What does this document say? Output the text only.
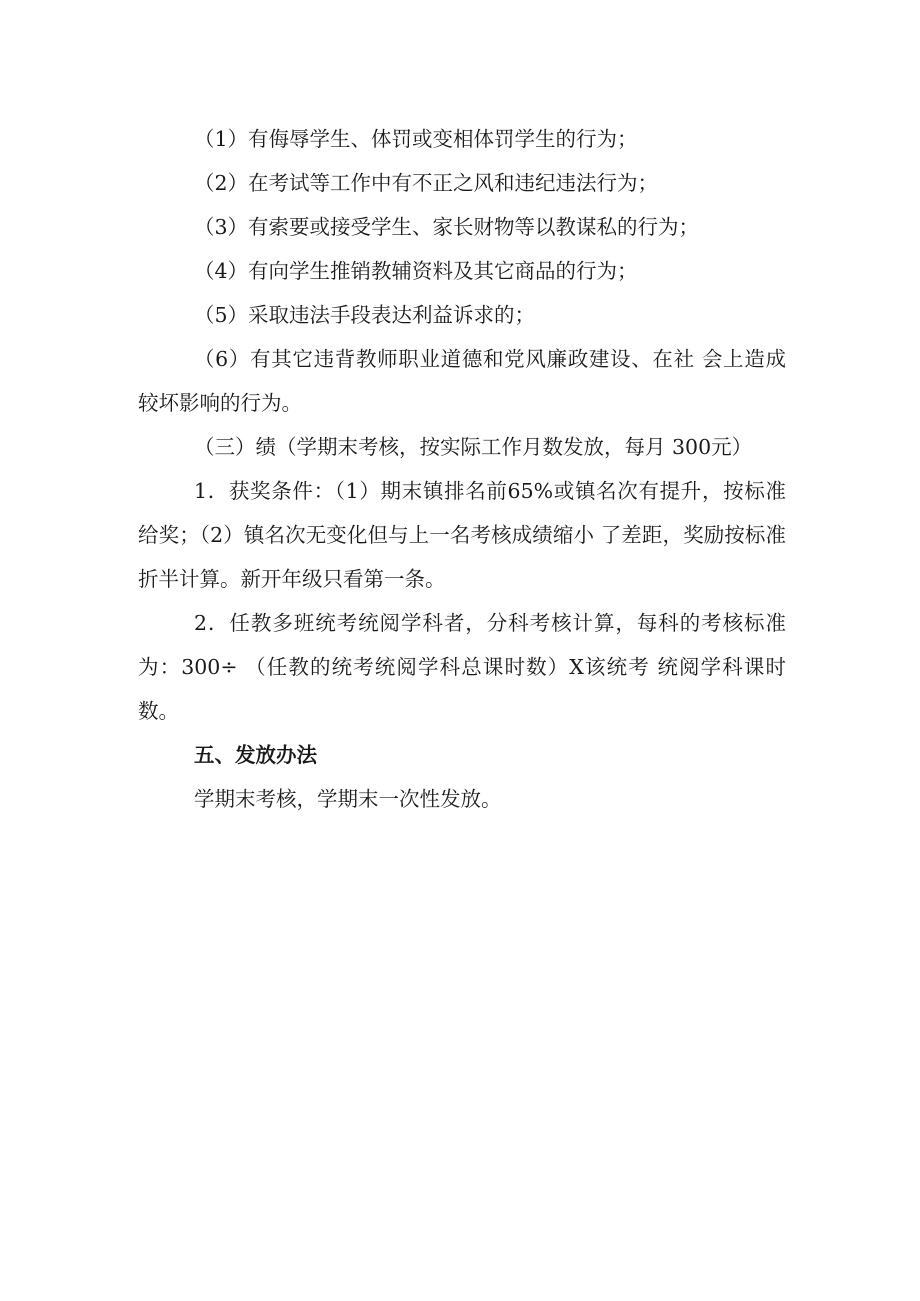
（1）有侮辱学生、体罚或变相体罚学生的行为；

（2）在考试等工作中有不正之风和违纪违法行为；

（3）有索要或接受学生、家长财物等以教谋私的行为；

（4）有向学生推销教辅资料及其它商品的行为；

（5）采取违法手段表达利益诉求的；

（6）有其它违背教师职业道德和党风廉政建设、在社 会上造成较坏影响的行为。

（三）绩（学期末考核，按实际工作月数发放，每月 300元）

1．获奖条件：（1）期末镇排名前65%或镇名次有提升，按标准给奖；（2）镇名次无变化但与上一名考核成绩缩小 了差距，奖励按标准折半计算。新开年级只看第一条。

2．任教多班统考统阅学科者，分科考核计算，每科的考核标准为：300÷ （任教的统考统阅学科总课时数）X该统考 统阅学科课时数。

五、发放办法

学期末考核，学期末一次性发放。
